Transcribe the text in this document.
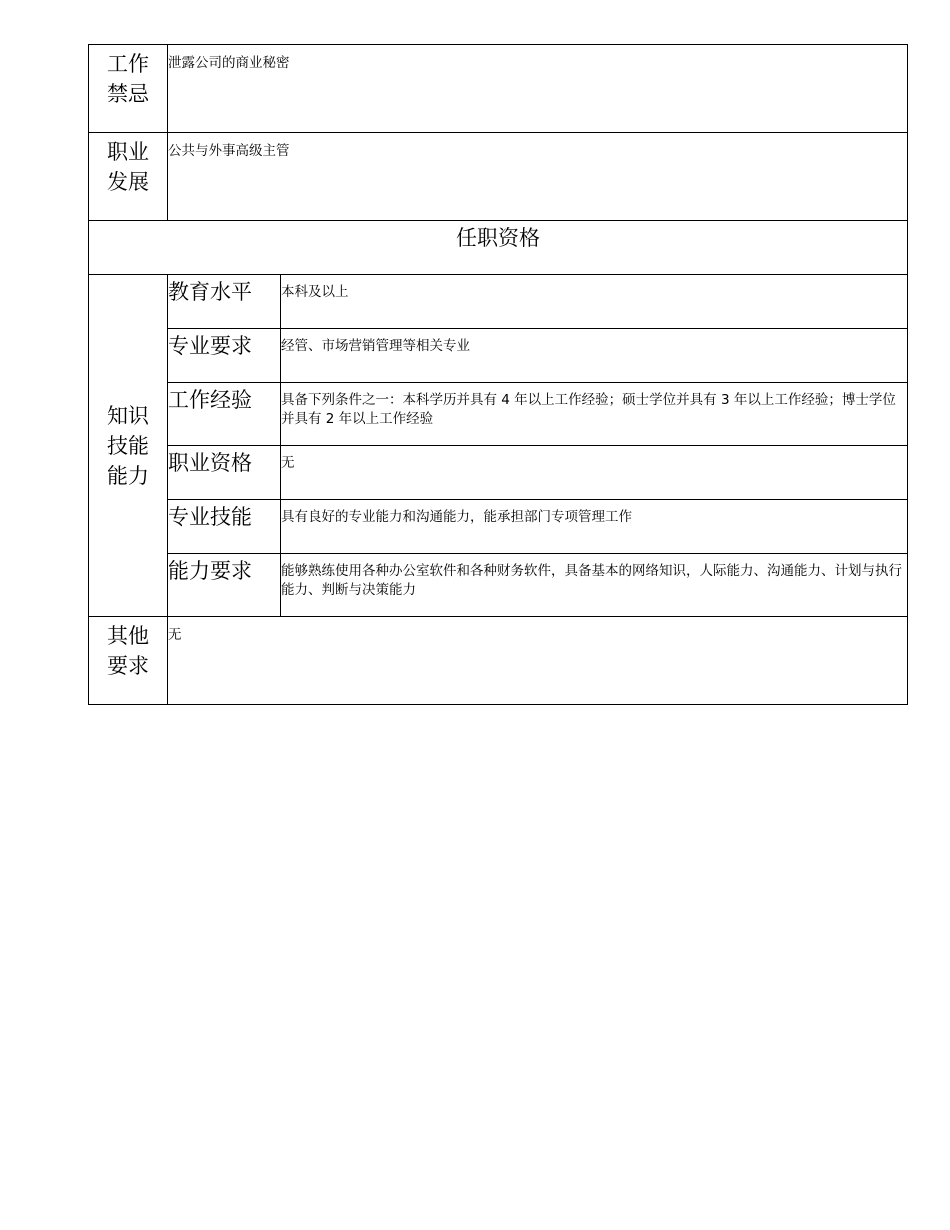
工作
禁忌	泄露公司的商业秘密	

职业
发展	公共与外事高级主管	
任职资格		

知识
技能
能力	教育水平	本科及以上
	专业要求	经管、市场营销管理等相关专业
	工作经验	具备下列条件之一：本科学历并具有 4 年以上工作经验；硕士学位并具有 3 年以上工作经验；博士学位并具有 2 年以上工作经验
	职业资格	无
	专业技能	具有良好的专业能力和沟通能力，能承担部门专项管理工作
	能力要求	能够熟练使用各种办公室软件和各种财务软件，具备基本的网络知识，人际能力、沟通能力、计划与执行能力、判断与决策能力

其他
要求	无	
